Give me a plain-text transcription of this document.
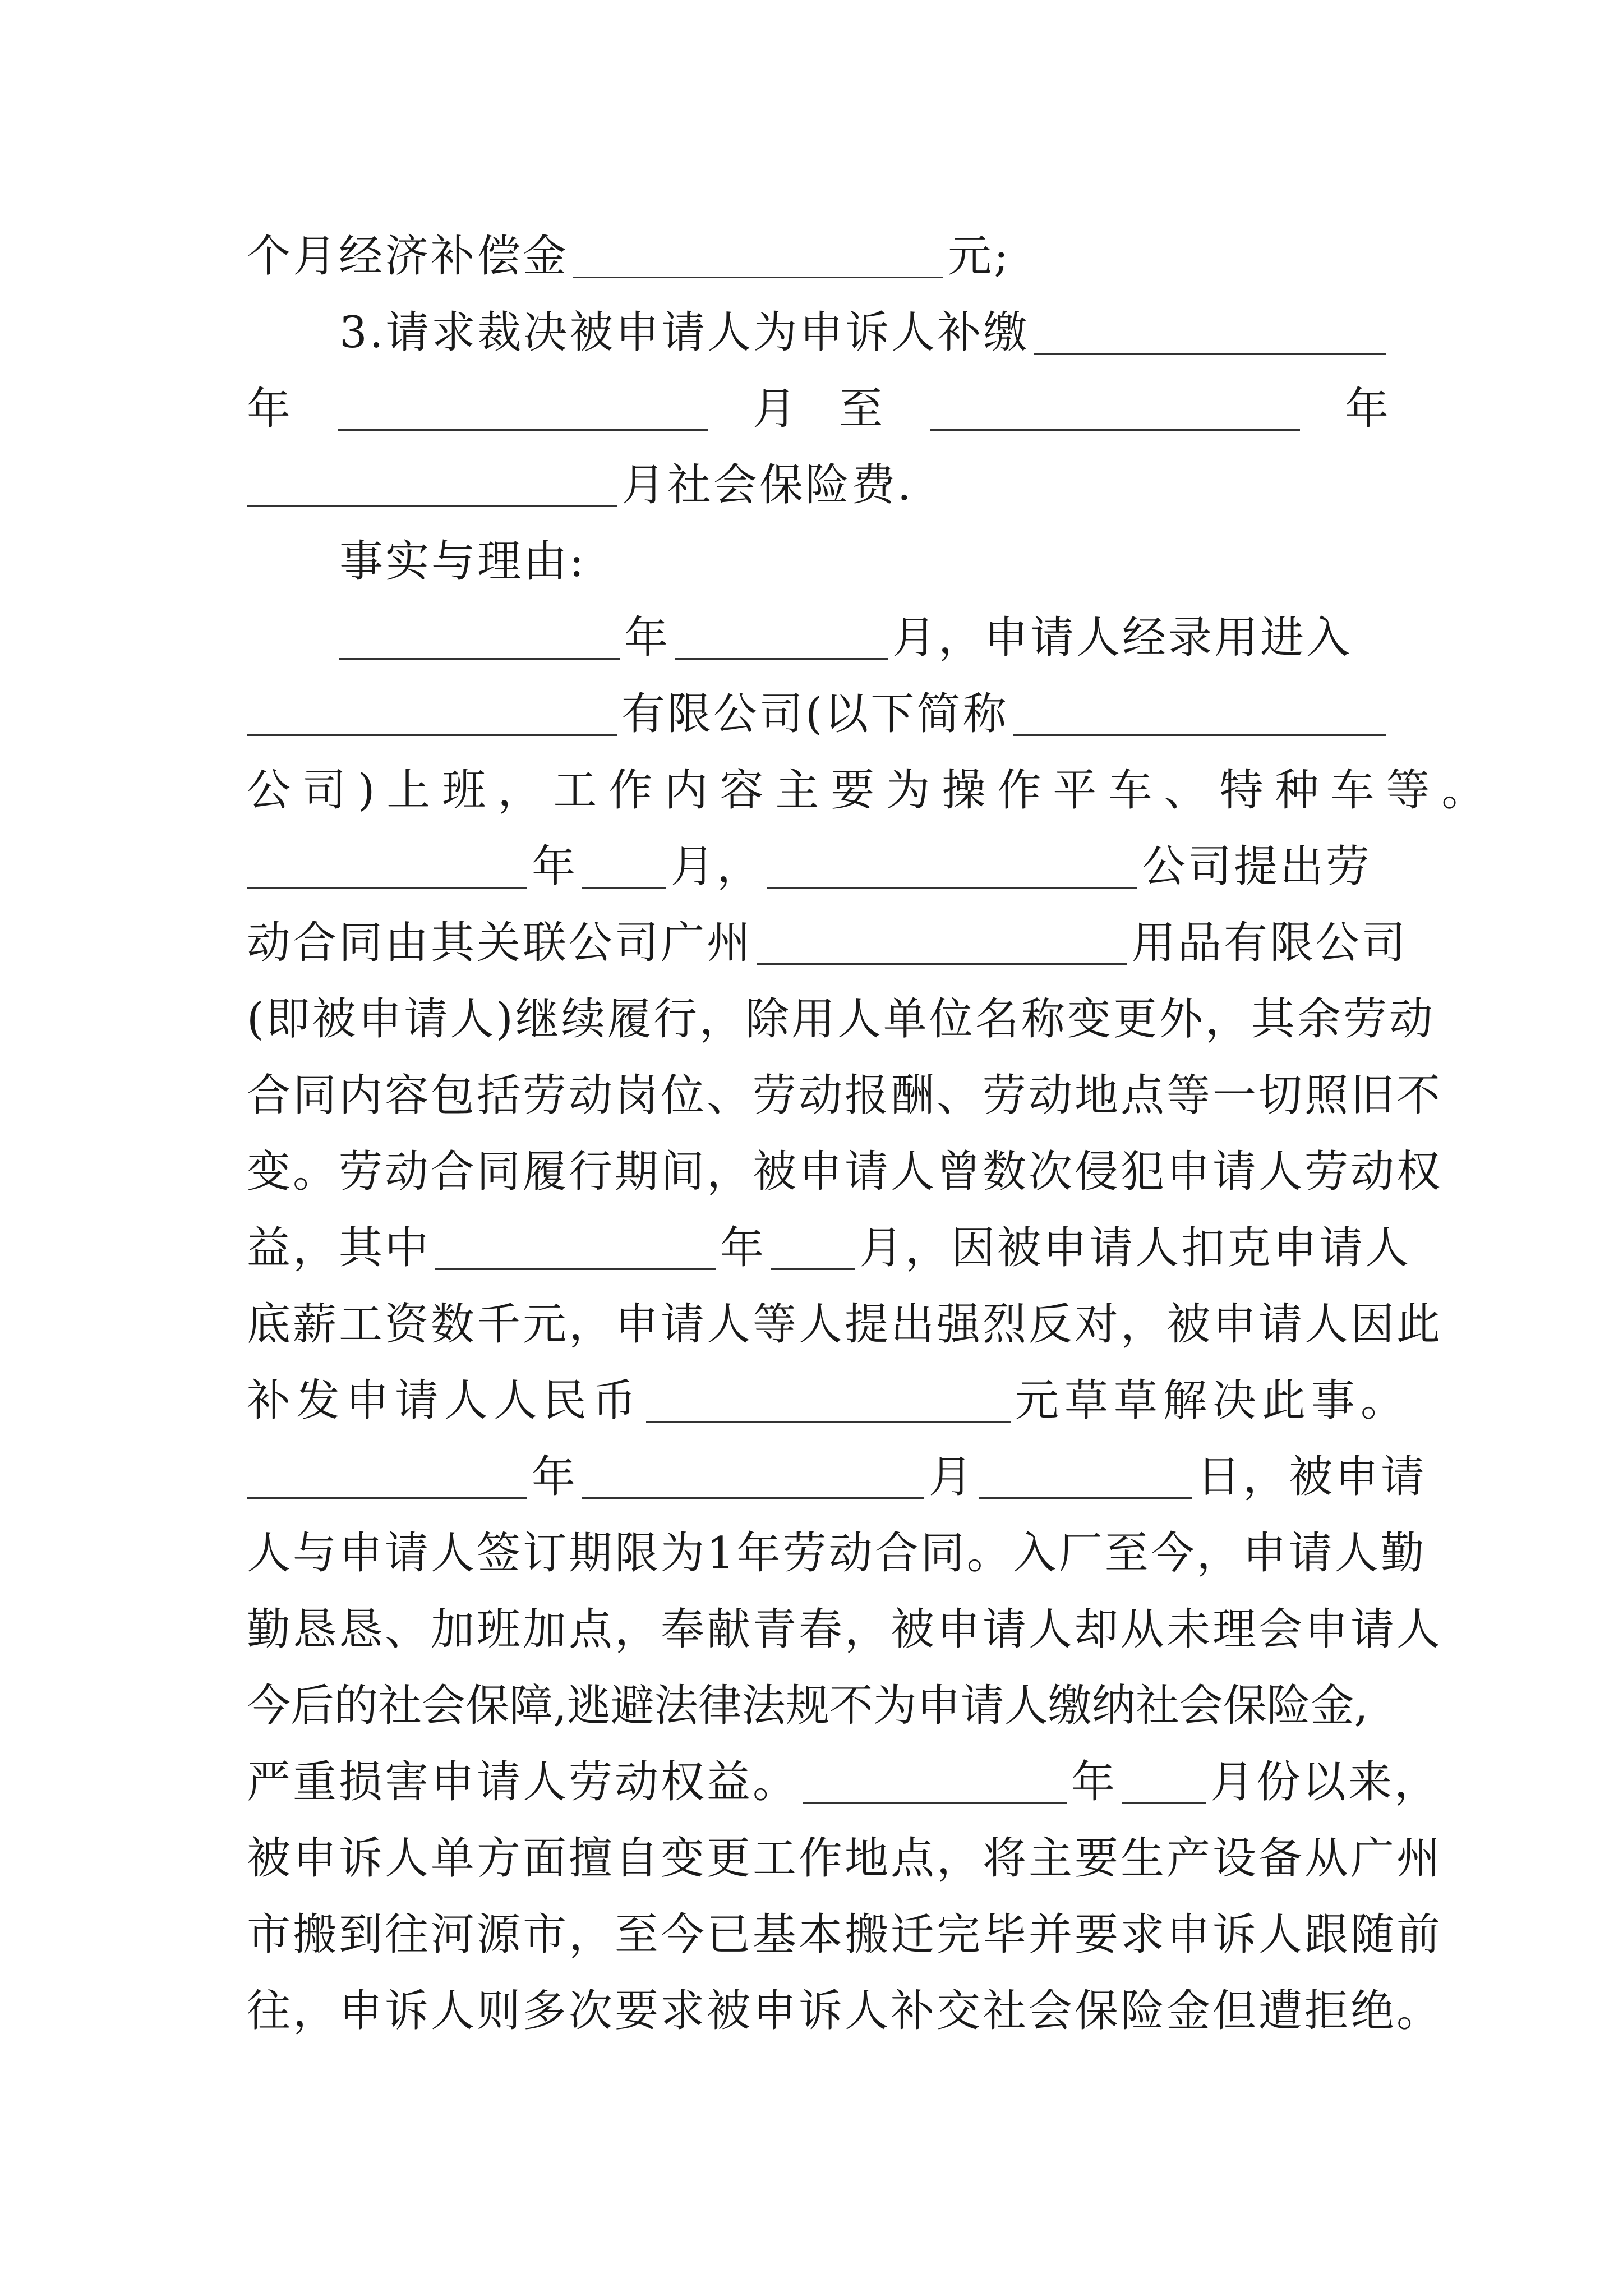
个月经济补偿金	元;
3.请求裁决被申请人为申诉人补缴
年	月 至	年
月社会保险费.
事实与理由:
年	月，申请人经录用进入
有限公司(以下简称
公司)上班，工作内容主要为操作平车、特种车等。
年 月，	公司提出劳
动合同由其关联公司广州	用品有限公司
(即被申请人)继续履行，除用人单位名称变更外，其余劳动
合同内容包括劳动岗位、劳动报酬、劳动地点等一切照旧不
变。劳动合同履行期间，被申请人曾数次侵犯申请人劳动权
益，其中	年 月，因被申请人扣克申请人
底薪工资数千元，申请人等人提出强烈反对，被申请人因此
补发申请人人民币	元草草解决此事。
年	月	日，被申请
人与申请人签订期限为1年劳动合同。入厂至今，申请人勤
勤恳恳、加班加点，奉献青春，被申请人却从未理会申请人
今后的社会保障,逃避法律法规不为申请人缴纳社会保险金,
严重损害申请人劳动权益。	年 月份以来，
被申诉人单方面擅自变更工作地点，将主要生产设备从广州
市搬到往河源市，至今已基本搬迁完毕并要求申诉人跟随前
往，申诉人则多次要求被申诉人补交社会保险金但遭拒绝。
